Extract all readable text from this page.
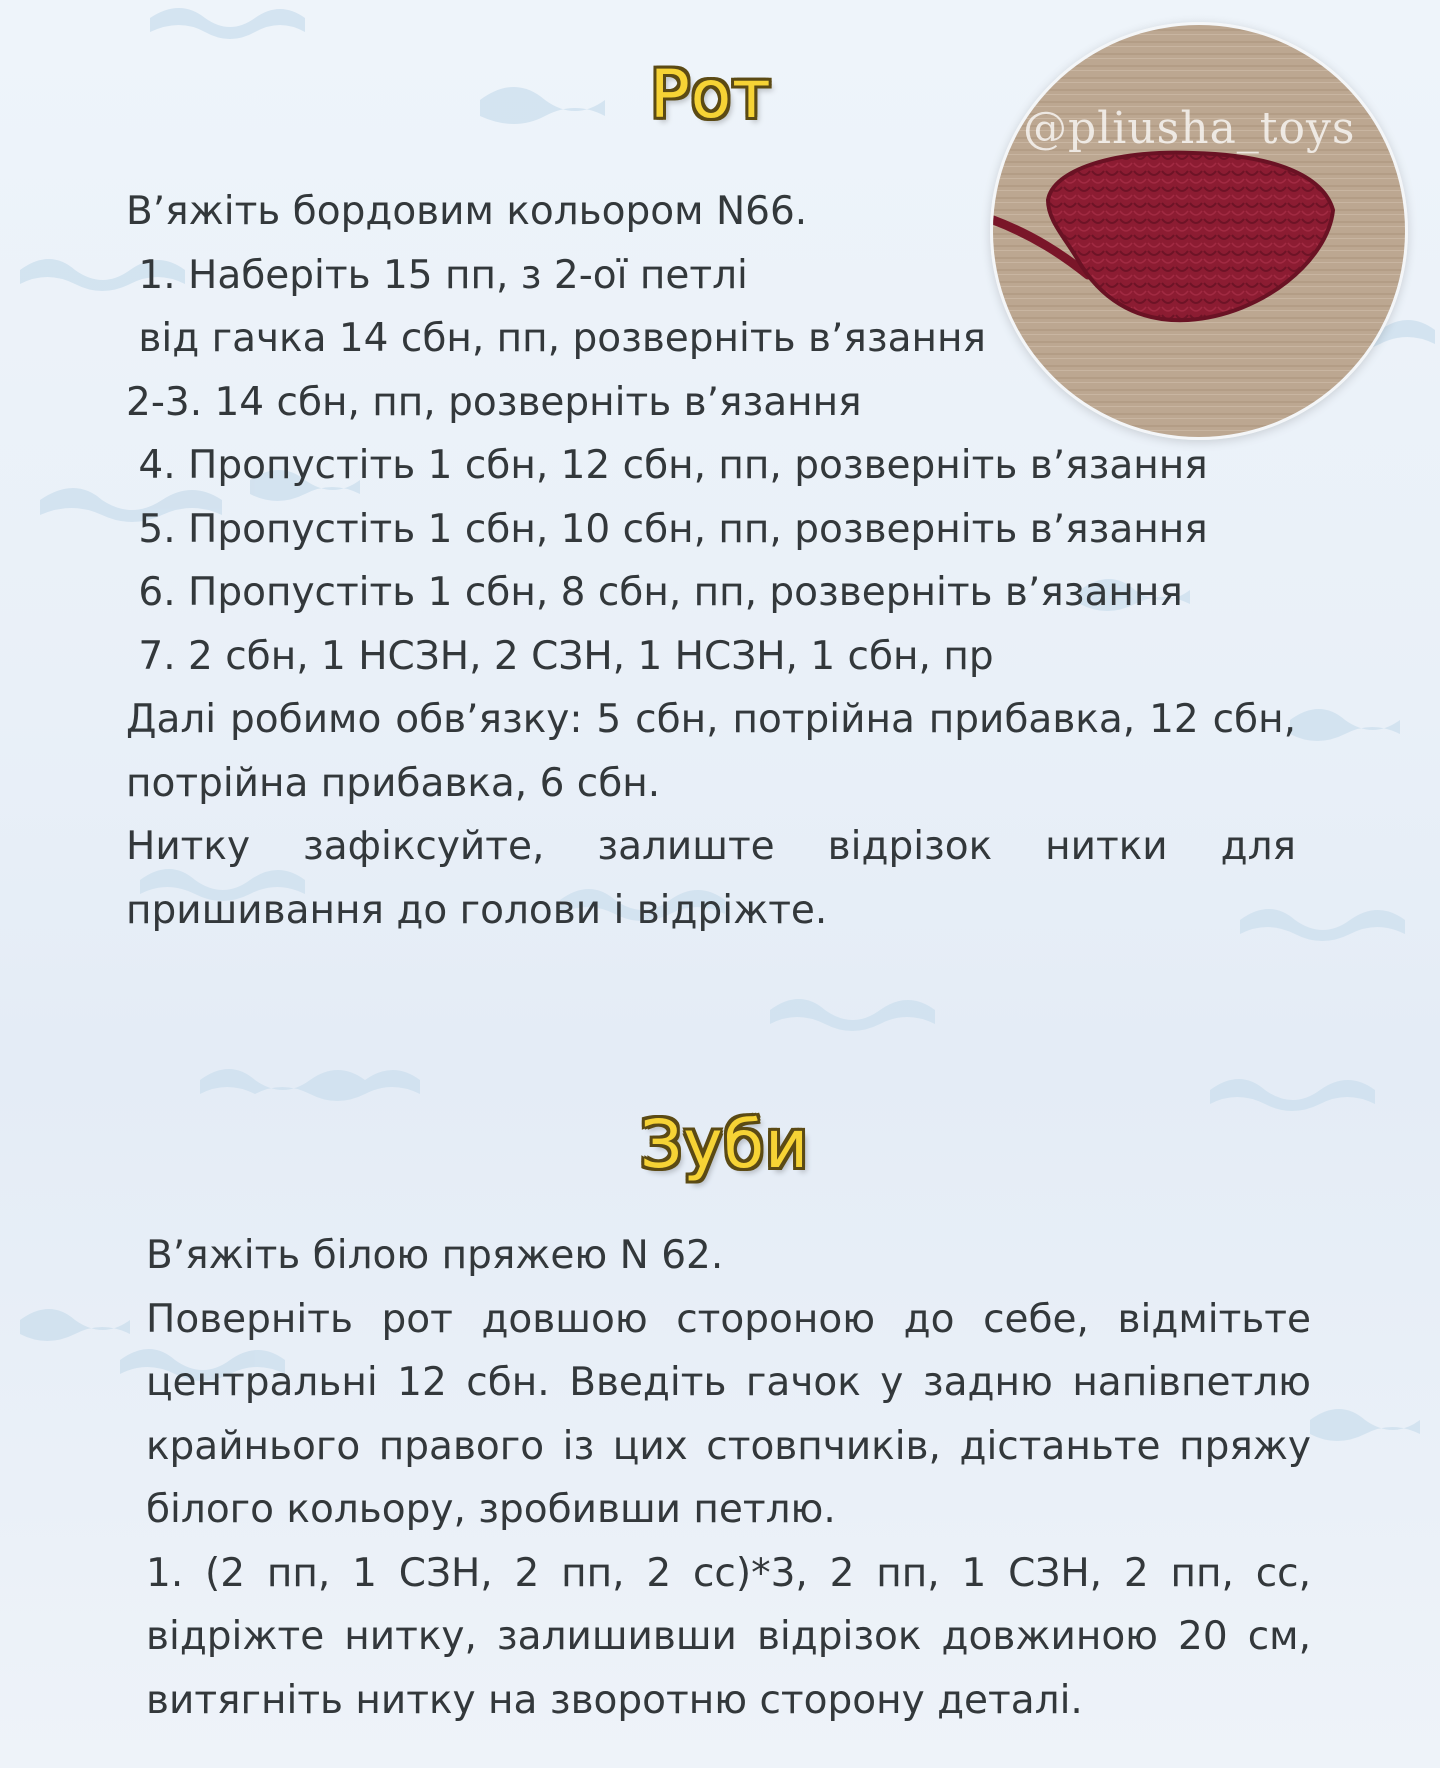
Рот	@pliusha_toys

В’яжіть бордовим кольором N66.

1. Наберіть 15 пп, з 2-ої петлі

від гачка 14 сбн, пп, розверніть в’язання

2-3. 14 сбн, пп, розверніть в’язання

4. Пропустіть 1 сбн, 12 сбн, пп, розверніть в’язання

5. Пропустіть 1 сбн, 10 сбн, пп, розверніть в’язання

6. Пропустіть 1 сбн, 8 сбн, пп, розверніть в’язання

7. 2 сбн, 1 НСЗН, 2 СЗН, 1 НСЗН, 1 сбн, пр

Далі робимо обв’язку: 5 сбн, потрійна прибавка, 12 сбн, потрійна прибавка, 6 сбн.

Нитку зафіксуйте, залиште відрізок нитки для пришивання до голови і відріжте.

Зуби

В’яжіть білою пряжею N 62.

Поверніть рот довшою стороною до себе, відмітьте центральні 12 сбн. Введіть гачок у задню напівпетлю крайнього правого із цих стовпчиків, дістаньте пряжу білого кольору, зробивши петлю.

1. (2 пп, 1 СЗН, 2 пп, 2 сс)*3, 2 пп, 1 СЗН, 2 пп, сс, відріжте нитку, залишивши відрізок довжиною 20 см, витягніть нитку на зворотню сторону деталі.
